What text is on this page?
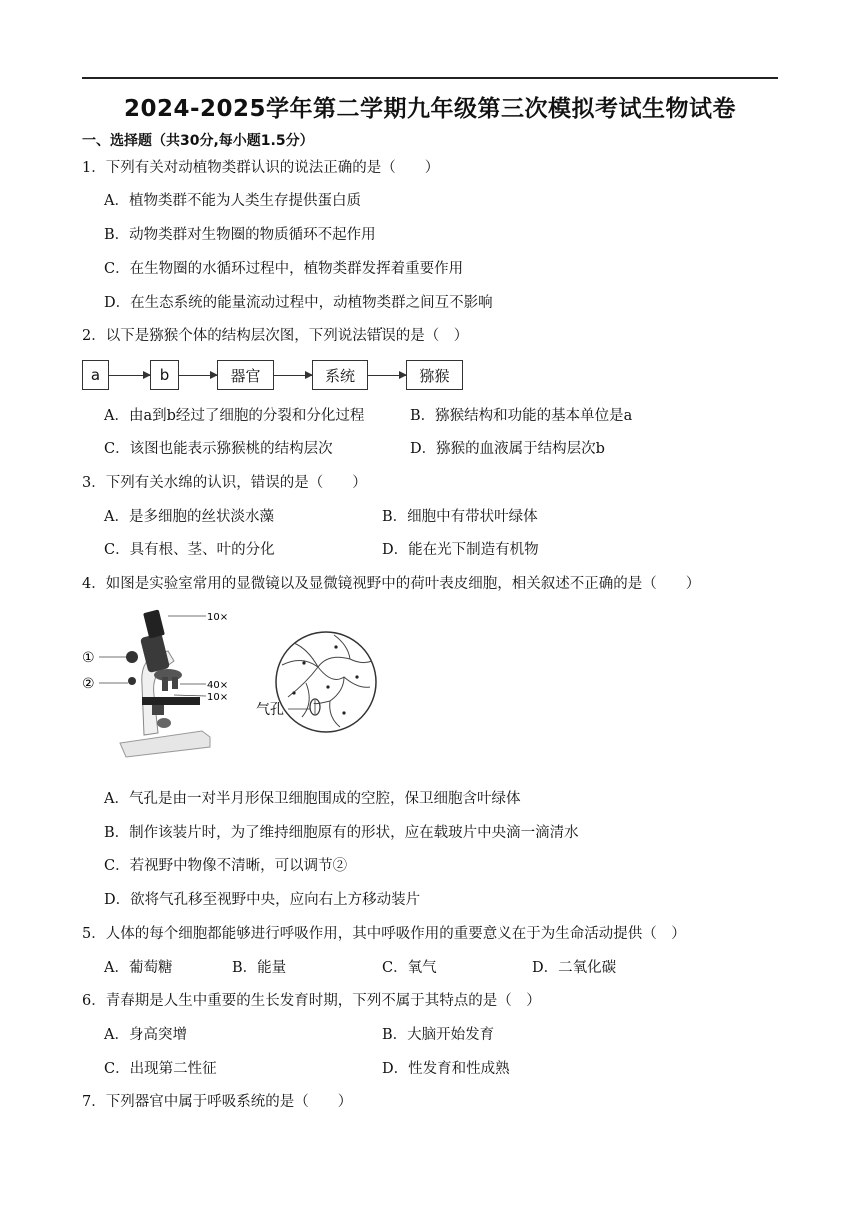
2024-2025学年第二学期九年级第三次模拟考试生物试卷
一、选择题（共30分,每小题1.5分）
1．下列有关对动植物类群认识的说法正确的是（　　）
A．植物类群不能为人类生存提供蛋白质
B．动物类群对生物圈的物质循环不起作用
C．在生物圈的水循环过程中，植物类群发挥着重要作用
D．在生态系统的能量流动过程中，动植物类群之间互不影响
2．以下是猕猴个体的结构层次图，下列说法错误的是（　）
a	b	器官	系统	猕猴
A．由a到b经过了细胞的分裂和分化过程	B．猕猴结构和功能的基本单位是a
C．该图也能表示猕猴桃的结构层次	D．猕猴的血液属于结构层次b
3．下列有关水绵的认识，错误的是（　　）
A．是多细胞的丝状淡水藻	B．细胞中有带状叶绿体
C．具有根、茎、叶的分化	D．能在光下制造有机物
4．如图是实验室常用的显微镜以及显微镜视野中的荷叶表皮细胞，相关叙述不正确的是（　　）
10×
40×
10×
①
②
气孔
A．气孔是由一对半月形保卫细胞围成的空腔，保卫细胞含叶绿体
B．制作该装片时，为了维持细胞原有的形状，应在载玻片中央滴一滴清水
C．若视野中物像不清晰，可以调节②
D．欲将气孔移至视野中央，应向右上方移动装片
5．人体的每个细胞都能够进行呼吸作用，其中呼吸作用的重要意义在于为生命活动提供（　）
A．葡萄糖	B．能量	C．氧气	D．二氧化碳
6．青春期是人生中重要的生长发育时期，下列不属于其特点的是（　）
A．身高突增	B．大脑开始发育
C．出现第二性征	D．性发育和性成熟
7．下列器官中属于呼吸系统的是（　　）
